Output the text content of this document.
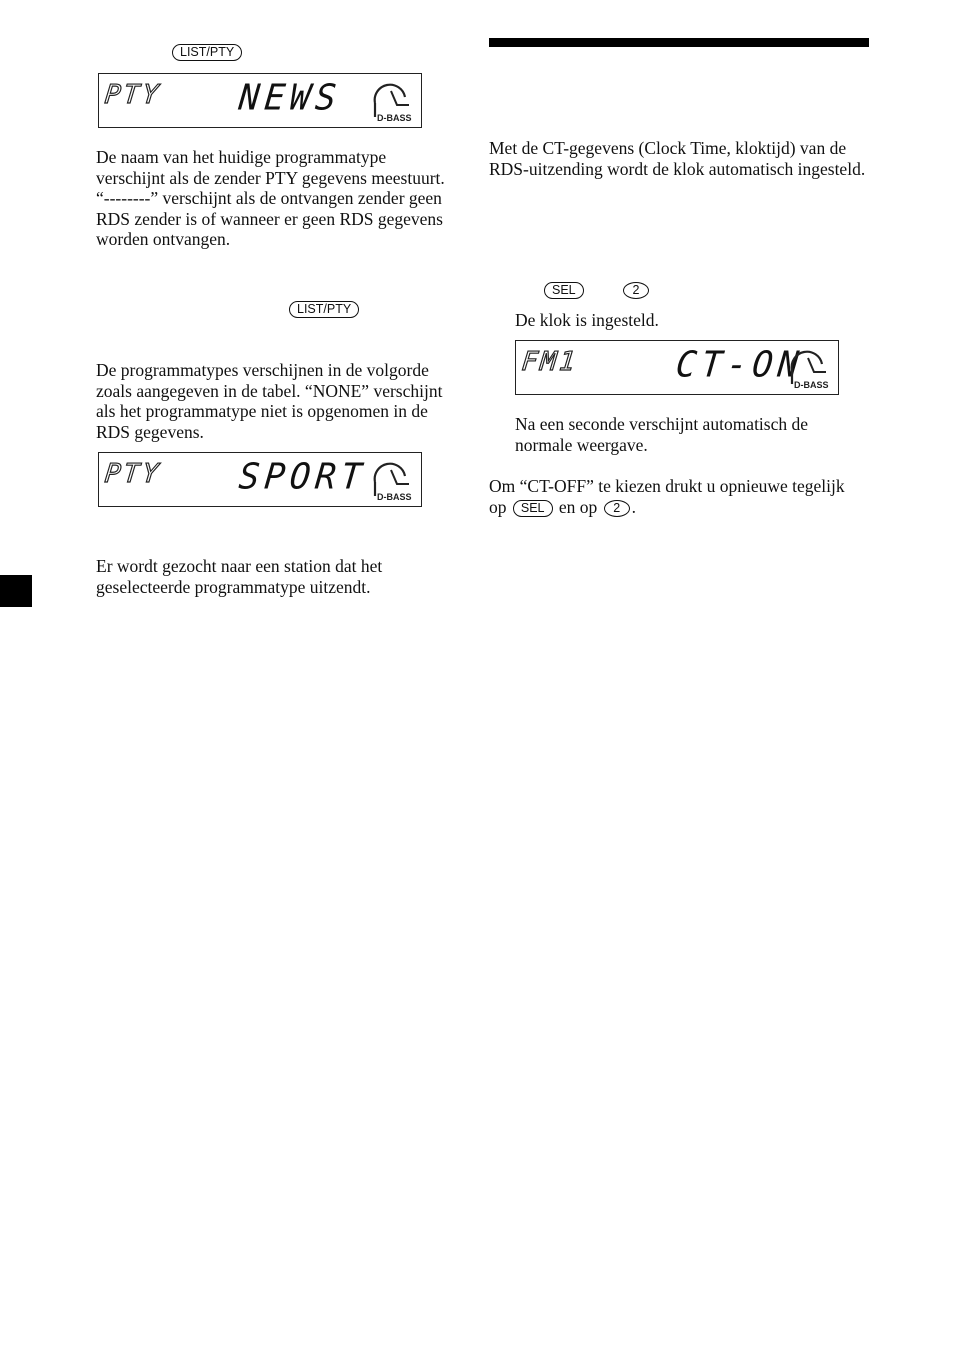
LIST/PTY
PTY NEWS	D-BASS

De naam van het huidige programmatype verschijnt als de zender PTY gegevens meestuurt. “--------” verschijnt als de ontvangen zender geen RDS zender is of wanneer er geen RDS gegevens worden ontvangen.

LIST/PTY

De programmatypes verschijnen in de volgorde zoals aangegeven in de tabel. “NONE” verschijnt als het programmatype niet is opgenomen in de RDS gegevens.

PTY SPORT D-BASS

Er wordt gezocht naar een station dat het geselecteerde programmatype uitzendt.

Met de CT-gegevens (Clock Time, kloktijd) van de RDS-uitzending wordt de klok automatisch ingesteld.

SEL	2

De klok is ingesteld.

FM1	CT-ON
D-BASS

Na een seconde verschijnt automatisch de normale weergave.

Om “CT-OFF” te kiezen drukt u opnieuwe tegelijk op SEL en op 2 .
